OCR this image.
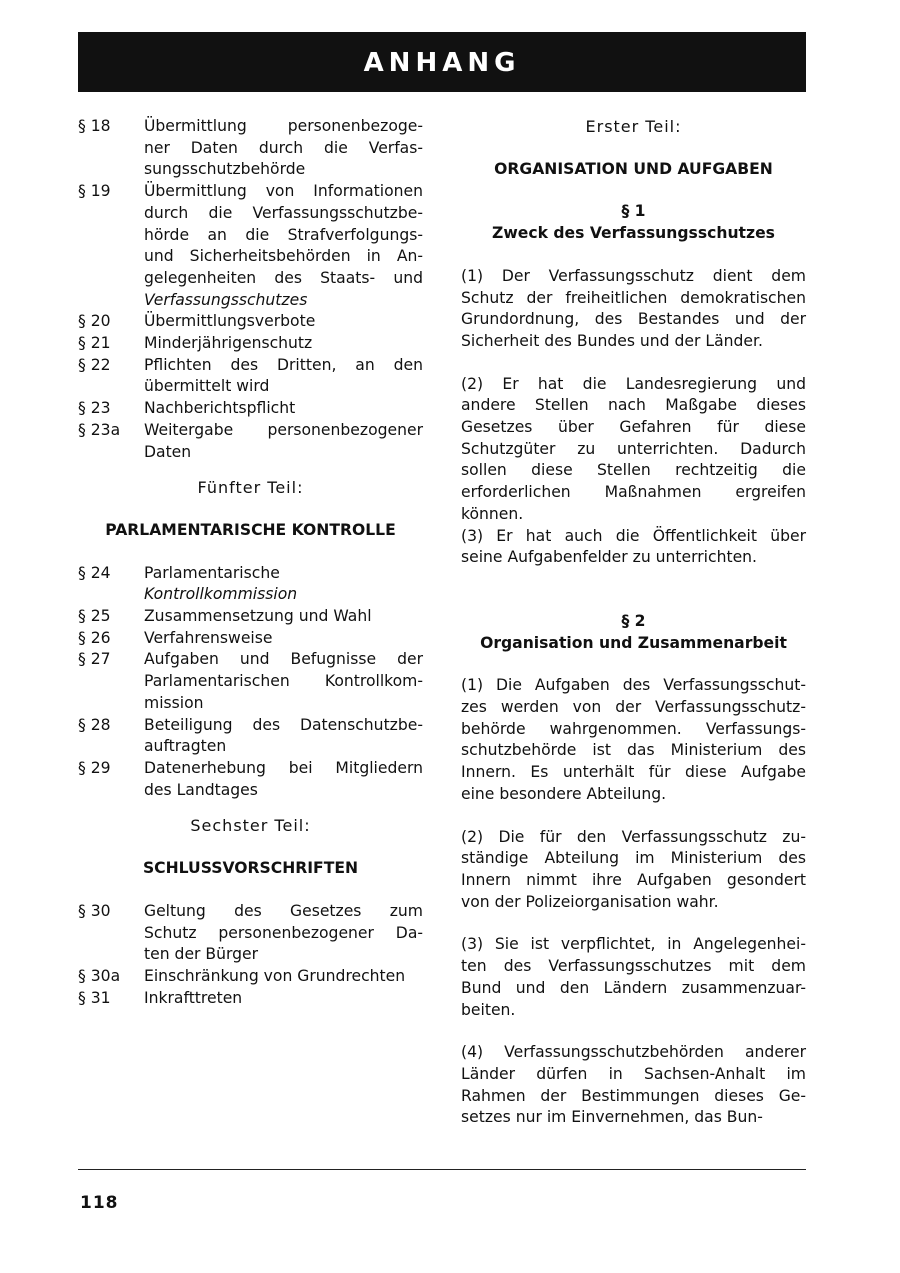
ANHANG
§ 18	Übermittlung personenbezoge-
ner Daten durch die Verfas-
sungsschutzbehörde
§ 19	Übermittlung von Informationen
durch die Verfassungsschutzbe-
hörde an die Strafverfolgungs-
und Sicherheitsbehörden in An-
gelegenheiten des Staats- und
Verfassungsschutzes
§ 20	Übermittlungsverbote
§ 21	Minderjährigenschutz
§ 22	Pflichten des Dritten, an den
übermittelt wird
§ 23	Nachberichtspflicht
§ 23a	Weitergabe personenbezogener
Daten
Fünfter Teil:
PARLAMENTARISCHE KONTROLLE
§ 24	Parlamentarische
Kontrollkommission
§ 25	Zusammensetzung und Wahl
§ 26	Verfahrensweise
§ 27	Aufgaben und Befugnisse der
Parlamentarischen Kontrollkom-
mission
§ 28	Beteiligung des Datenschutzbe-
auftragten
§ 29	Datenerhebung bei Mitgliedern
des Landtages
Sechster Teil:
SCHLUSSVORSCHRIFTEN
§ 30	Geltung des Gesetzes zum
Schutz personenbezogener Da-
ten der Bürger
§ 30a	Einschränkung von Grundrechten
§ 31	Inkrafttreten
Erster Teil:
ORGANISATION UND AUFGABEN
§ 1
Zweck des Verfassungsschutzes
(1) Der Verfassungsschutz dient dem
Schutz der freiheitlichen demokratischen
Grundordnung, des Bestandes und der
Sicherheit des Bundes und der Länder.
(2) Er hat die Landesregierung und
andere Stellen nach Maßgabe dieses
Gesetzes über Gefahren für diese
Schutzgüter zu unterrichten. Dadurch
sollen diese Stellen rechtzeitig die
erforderlichen Maßnahmen ergreifen
können.
(3) Er hat auch die Öffentlichkeit über
seine Aufgabenfelder zu unterrichten.
§ 2
Organisation und Zusammenarbeit
(1) Die Aufgaben des Verfassungsschut-
zes werden von der Verfassungsschutz-
behörde wahrgenommen. Verfassungs-
schutzbehörde ist das Ministerium des
Innern. Es unterhält für diese Aufgabe
eine besondere Abteilung.
(2) Die für den Verfassungsschutz zu-
ständige Abteilung im Ministerium des
Innern nimmt ihre Aufgaben gesondert
von der Polizeiorganisation wahr.
(3) Sie ist verpflichtet, in Angelegenhei-
ten des Verfassungsschutzes mit dem
Bund und den Ländern zusammenzuar-
beiten.
(4) Verfassungsschutzbehörden anderer
Länder dürfen in Sachsen-Anhalt im
Rahmen der Bestimmungen dieses Ge-
setzes nur im Einvernehmen, das Bun-
118
